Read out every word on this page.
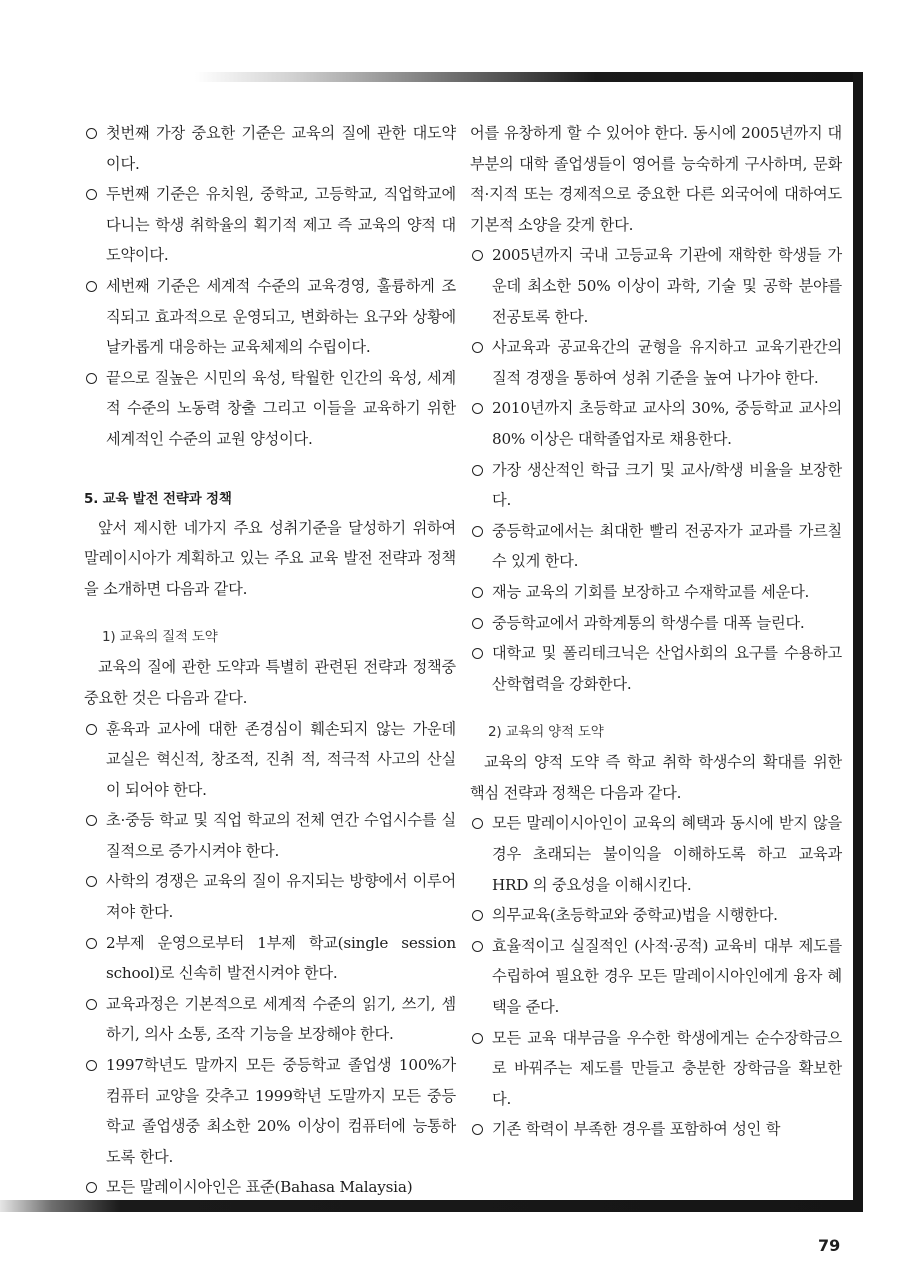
첫번째 가장 중요한 기준은 교육의 질에 관한 대도약이다.
두번째 기준은 유치원, 중학교, 고등학교, 직업학교에 다니는 학생 취학율의 획기적 제고 즉 교육의 양적 대도약이다.
세번째 기준은 세계적 수준의 교육경영, 훌륭하게 조직되고 효과적으로 운영되고, 변화하는 요구와 상황에 날카롭게 대응하는 교육체제의 수립이다.
끝으로 질높은 시민의 육성, 탁월한 인간의 육성, 세계적 수준의 노동력 창출 그리고 이들을 교육하기 위한 세계적인 수준의 교원 양성이다.
5. 교육 발전 전략과 정책
앞서 제시한 네가지 주요 성취기준을 달성하기 위하여 말레이시아가 계획하고 있는 주요 교육 발전 전략과 정책을 소개하면 다음과 같다.
1) 교육의 질적 도약
교육의 질에 관한 도약과 특별히 관련된 전략과 정책중 중요한 것은 다음과 같다.
훈육과 교사에 대한 존경심이 훼손되지 않는 가운데 교실은 혁신적, 창조적, 진취 적, 적극적 사고의 산실이 되어야 한다.
초·중등 학교 및 직업 학교의 전체 연간 수업시수를 실질적으로 증가시켜야 한다.
사학의 경쟁은 교육의 질이 유지되는 방향에서 이루어져야 한다.
2부제 운영으로부터 1부제 학교(single session school)로 신속히 발전시켜야 한다.
교육과정은 기본적으로 세계적 수준의 읽기, 쓰기, 셈하기, 의사 소통, 조작 기능을 보장해야 한다.
1997학년도 말까지 모든 중등학교 졸업생 100%가 컴퓨터 교양을 갖추고 1999학년 도말까지 모든 중등학교 졸업생중 최소한 20% 이상이 컴퓨터에 능통하도록 한다.
모든 말레이시아인은 표준(Bahasa Malaysia)
어를 유창하게 할 수 있어야 한다. 동시에 2005년까지 대부분의 대학 졸업생들이 영어를 능숙하게 구사하며, 문화적·지적 또는 경제적으로 중요한 다른 외국어에 대하여도 기본적 소양을 갖게 한다.
2005년까지 국내 고등교육 기관에 재학한 학생들 가운데 최소한 50% 이상이 과학, 기술 및 공학 분야를 전공토록 한다.
사교육과 공교육간의 균형을 유지하고 교육기관간의 질적 경쟁을 통하여 성취 기준을 높여 나가야 한다.
2010년까지 초등학교 교사의 30%, 중등학교 교사의 80% 이상은 대학졸업자로 채용한다.
가장 생산적인 학급 크기 및 교사/학생 비율을 보장한다.
중등학교에서는 최대한 빨리 전공자가 교과를 가르칠 수 있게 한다.
재능 교육의 기회를 보장하고 수재학교를 세운다.
중등학교에서 과학계통의 학생수를 대폭 늘린다.
대학교 및 폴리테크닉은 산업사회의 요구를 수용하고 산학협력을 강화한다.
2) 교육의 양적 도약
교육의 양적 도약 즉 학교 취학 학생수의 확대를 위한 핵심 전략과 정책은 다음과 같다.
모든 말레이시아인이 교육의 혜택과 동시에 받지 않을 경우 초래되는 불이익을 이해하도록 하고 교육과 HRD 의 중요성을 이해시킨다.
의무교육(초등학교와 중학교)법을 시행한다.
효율적이고 실질적인 (사적·공적) 교육비 대부 제도를 수립하여 필요한 경우 모든 말레이시아인에게 융자 혜택을 준다.
모든 교육 대부금을 우수한 학생에게는 순수장학금으로 바꿔주는 제도를 만들고 충분한 장학금을 확보한다.
기존 학력이 부족한 경우를 포함하여 성인 학
79
